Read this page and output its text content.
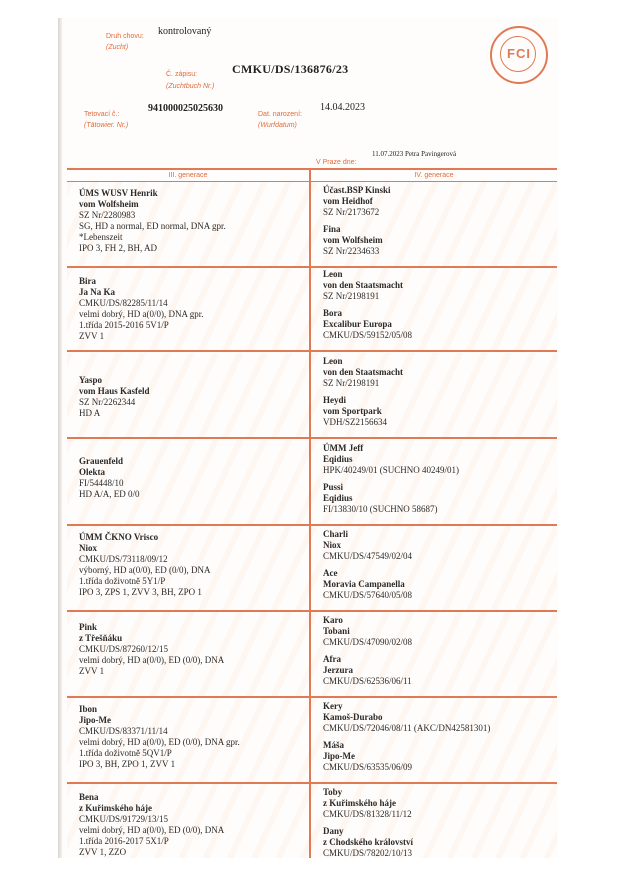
Druh chovu:
(Zucht)
kontrolovaný
Č. zápisu:
(Zuchtbuch Nr.)
CMKU/DS/136876/23
Tetovací č.:
(Tätowier. Nr.)
941000025025630
Dat. narození:
(Wurfdatum)
14.04.2023
11.07.2023 Petra Pavingerová
V Praze dne:
FCI
III. generace	IV. generace
ÚMS WUSV Henrik
vom Wolfsheim
SZ Nr/2280983
SG, HD a normal, ED normal, DNA gpr.
*Lebenszeit
IPO 3, FH 2, BH, AD
Účast.BSP Kinski
vom Heidhof
SZ Nr/2173672
Fina
vom Wolfsheim
SZ Nr/2234633
Bira
Ja Na Ka
CMKU/DS/82285/11/14
velmi dobrý, HD a(0/0), DNA gpr.
1.třída 2015-2016 5V1/P
ZVV 1
Leon
von den Staatsmacht
SZ Nr/2198191
Bora
Excalibur Europa
CMKU/DS/59152/05/08
Yaspo
vom Haus Kasfeld
SZ Nr/2262344
HD A
Leon
von den Staatsmacht
SZ Nr/2198191
Heydi
vom Sportpark
VDH/SZ2156634
Grauenfeld
Olekta
FI/54448/10
HD A/A, ED 0/0
ÚMM Jeff
Eqidius
HPK/40249/01 (SUCHNO 40249/01)
Pussi
Eqidius
FI/13830/10 (SUCHNO 58687)
ÚMM ČKNO Vrisco
Niox
CMKU/DS/73118/09/12
výborný, HD a(0/0), ED (0/0), DNA
1.třída doživotně 5Y1/P
IPO 3, ZPS 1, ZVV 3, BH, ZPO 1
Charli
Niox
CMKU/DS/47549/02/04
Ace
Moravia Campanella
CMKU/DS/57640/05/08
Pink
z Třešňáku
CMKU/DS/87260/12/15
velmi dobrý, HD a(0/0), ED (0/0), DNA
ZVV 1
Karo
Tobani
CMKU/DS/47090/02/08
Afra
Jerzura
CMKU/DS/62536/06/11
Ibon
Jipo-Me
CMKU/DS/83371/11/14
velmi dobrý, HD a(0/0), ED (0/0), DNA gpr.
1.třída doživotně 5QV1/P
IPO 3, BH, ZPO 1, ZVV 1
Kery
Kamoš-Durabo
CMKU/DS/72046/08/11 (AKC/DN42581301)
Máša
Jipo-Me
CMKU/DS/63535/06/09
Bena
z Kuřimského háje
CMKU/DS/91729/13/15
velmi dobrý, HD a(0/0), ED (0/0), DNA
1.třída 2016-2017 5X1/P
ZVV 1, ZZO
Toby
z Kuřimského háje
CMKU/DS/81328/11/12
Dany
z Chodského království
CMKU/DS/78202/10/13
